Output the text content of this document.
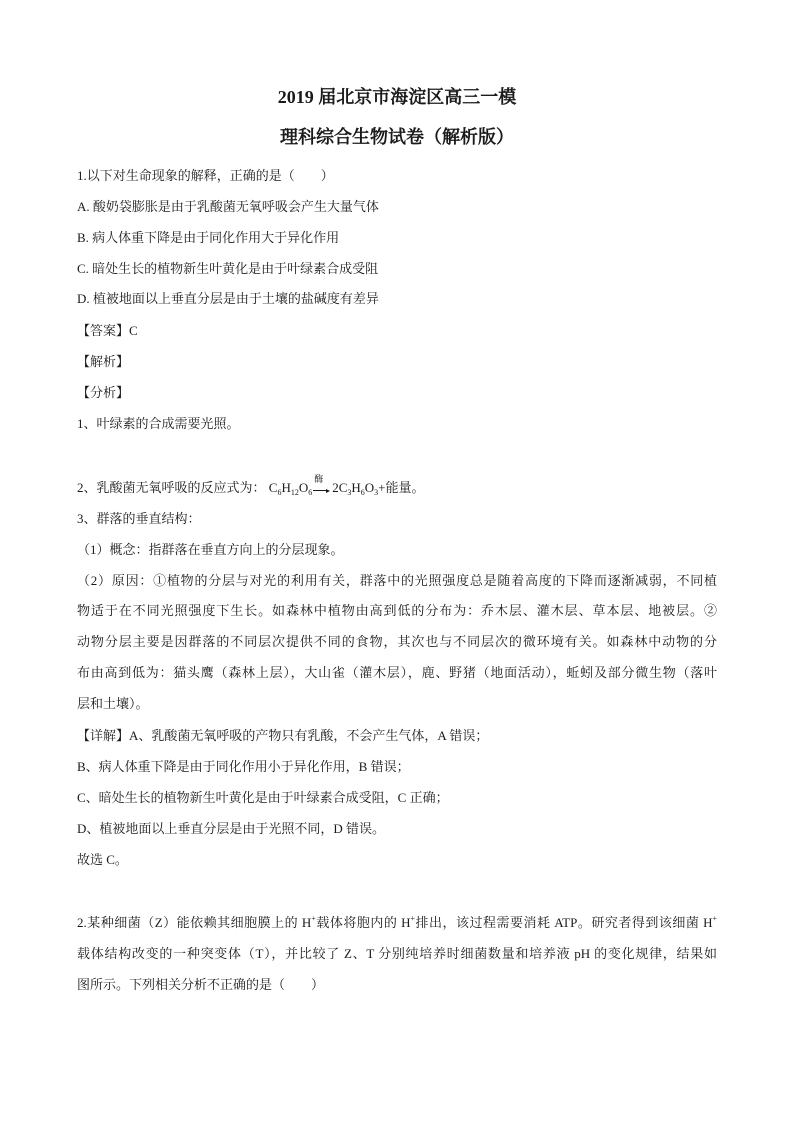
2019 届北京市海淀区高三一模
理科综合生物试卷（解析版）
1.以下对生命现象的解释，正确的是（　　）
A. 酸奶袋膨胀是由于乳酸菌无氧呼吸会产生大量气体
B. 病人体重下降是由于同化作用大于异化作用
C. 暗处生长的植物新生叶黄化是由于叶绿素合成受阻
D. 植被地面以上垂直分层是由于土壤的盐碱度有差异
【答案】C
【解析】
【分析】
1、叶绿素的合成需要光照。
2、乳酸菌无氧呼吸的反应式为： $C_6H_{12}O_6$
酶
$2C_3H_6O_3+$能量。
3、群落的垂直结构：
（1）概念：指群落在垂直方向上的分层现象。
（2）原因：①植物的分层与对光的利用有关，群落中的光照强度总是随着高度的下降而逐渐减弱，不同植
物适于在不同光照强度下生长。如森林中植物由高到低的分布为：乔木层、灌木层、草本层、地被层。②
动物分层主要是因群落的不同层次提供不同的食物，其次也与不同层次的微环境有关。如森林中动物的分
布由高到低为：猫头鹰（森林上层），大山雀（灌木层），鹿、野猪（地面活动），蚯蚓及部分微生物（落叶
层和土壤）。
【详解】A、乳酸菌无氧呼吸的产物只有乳酸，不会产生气体，A 错误；
B、病人体重下降是由于同化作用小于异化作用，B 错误；
C、暗处生长的植物新生叶黄化是由于叶绿素合成受阻，C 正确；
D、植被地面以上垂直分层是由于光照不同，D 错误。
故选 C。
2.某种细菌（Z）能依赖其细胞膜上的 H+载体将胞内的 H+排出，该过程需要消耗 ATP。研究者得到该细菌 H+
载体结构改变的一种突变体（T），并比较了 Z、T 分别纯培养时细菌数量和培养液 pH 的变化规律，结果如
图所示。下列相关分析不正确的是（　　）
